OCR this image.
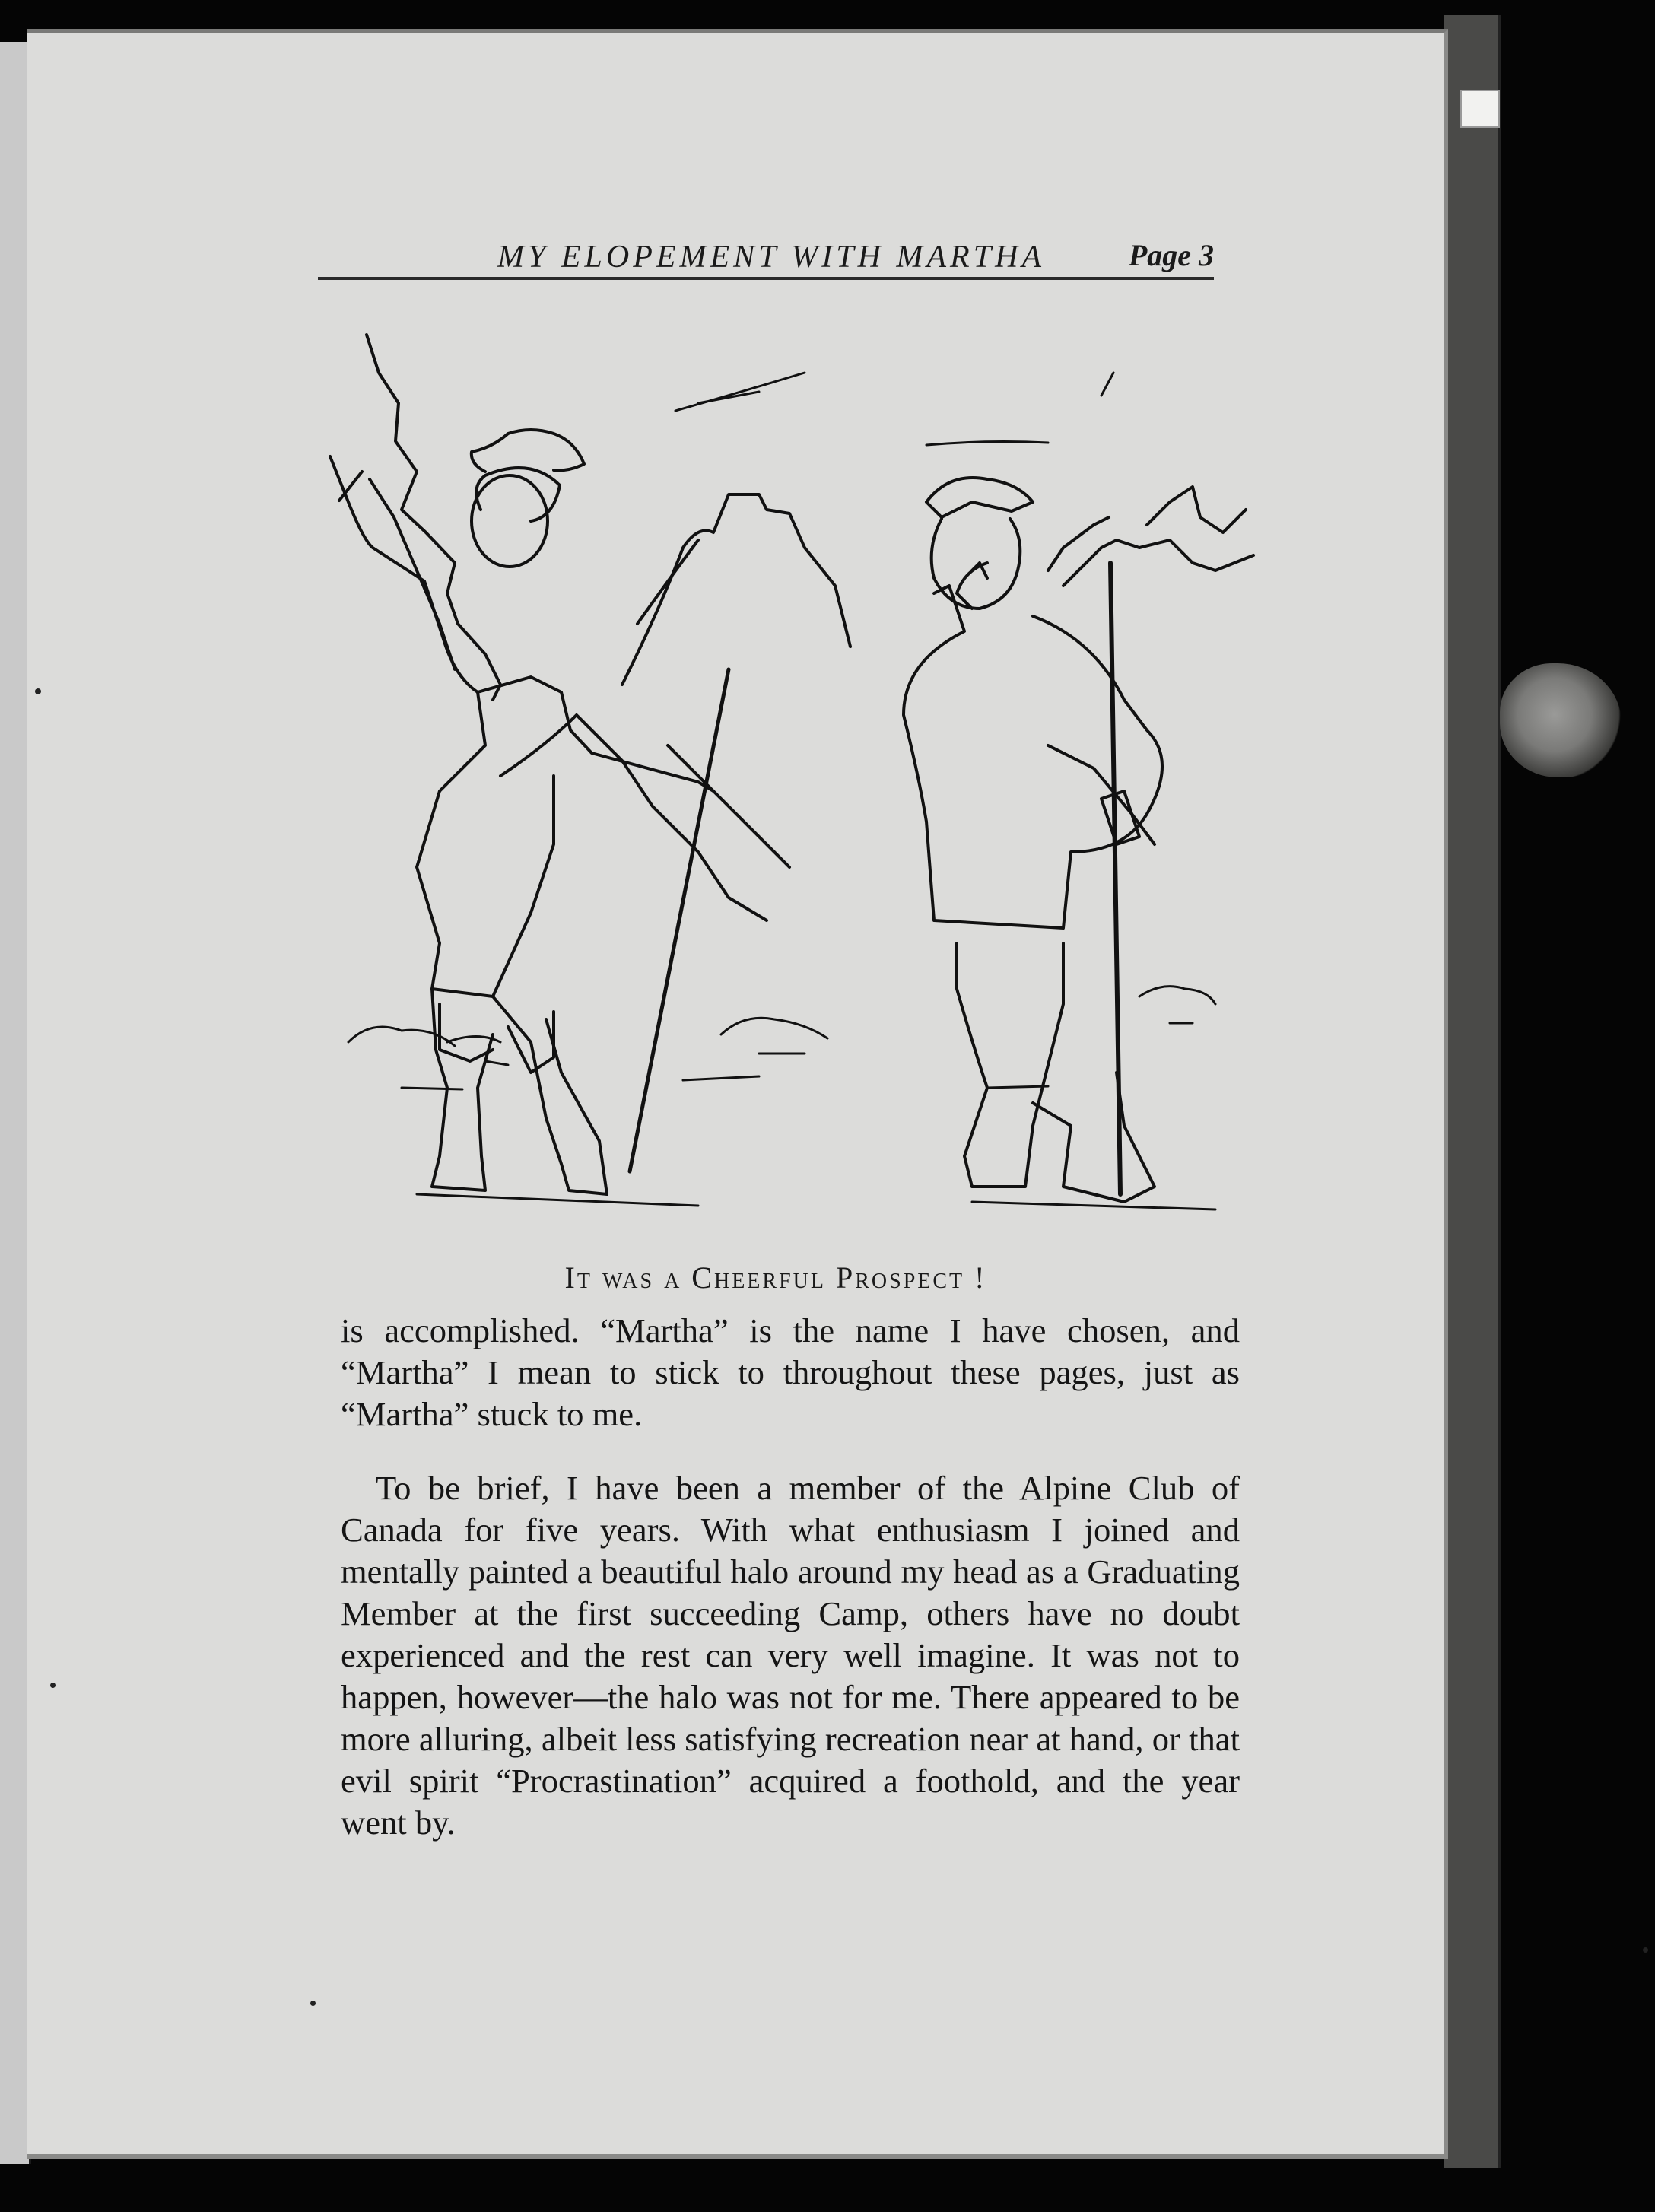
MY ELOPEMENT WITH MARTHA	Page 3
It was a Cheerful Prospect !

is accomplished. “Martha” is the name I have chosen, and “Martha” I mean to stick to throughout these pages, just as “Martha” stuck to me.

To be brief, I have been a member of the Alpine Club of Canada for five years. With what enthusiasm I joined and mentally painted a beautiful halo around my head as a Graduating Member at the first succeeding Camp, others have no doubt experienced and the rest can very well imagine. It was not to happen, however—the halo was not for me. There appeared to be more alluring, albeit less satisfying recreation near at hand, or that evil spirit “Procrastination” acquired a foothold, and the year went by.
